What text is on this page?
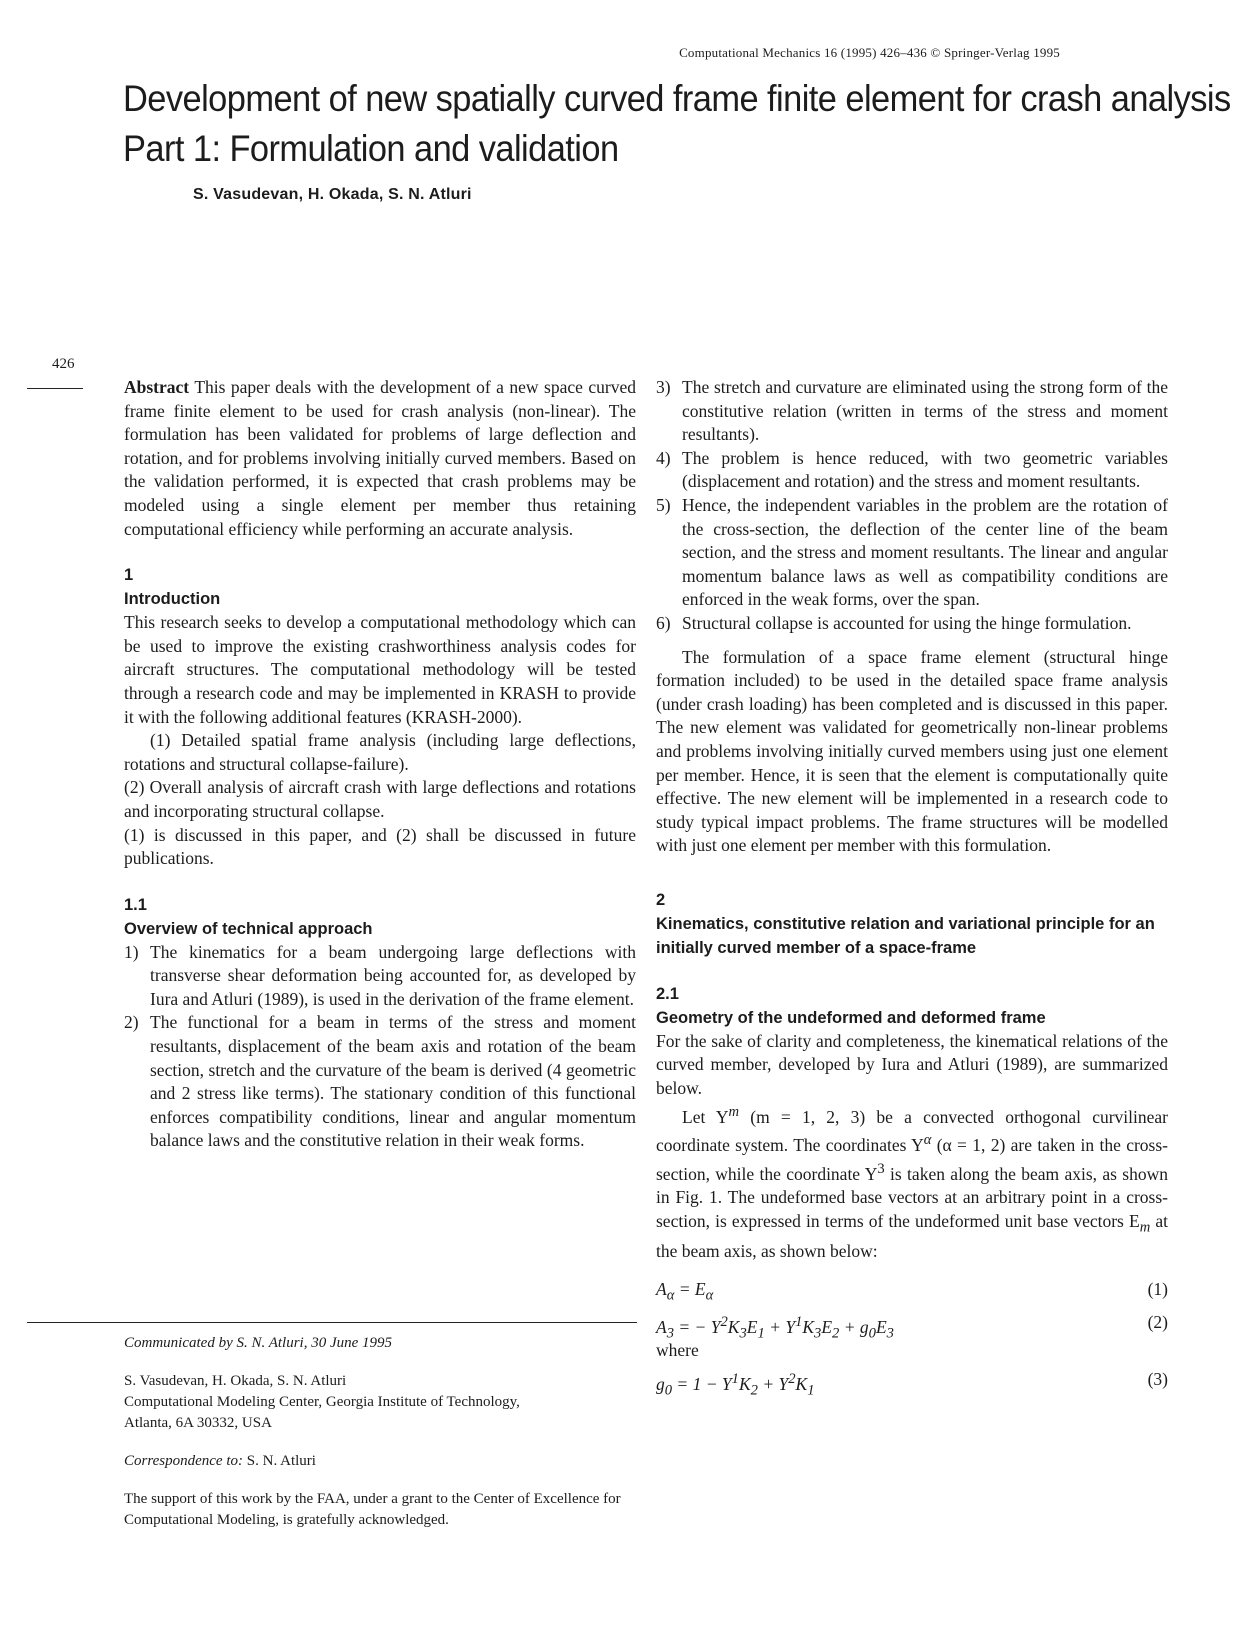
Computational Mechanics 16 (1995) 426–436 © Springer-Verlag 1995
Development of new spatially curved frame finite element for crash analysis
Part 1: Formulation and validation
S. Vasudevan, H. Okada, S. N. Atluri
426

Abstract This paper deals with the development of a new space curved frame finite element to be used for crash analysis (non-linear). The formulation has been validated for problems of large deflection and rotation, and for problems involving initially curved members. Based on the validation performed, it is expected that crash problems may be modeled using a single element per member thus retaining computational efficiency while performing an accurate analysis.

1
Introduction

This research seeks to develop a computational methodology which can be used to improve the existing crashworthiness analysis codes for aircraft structures. The computational methodology will be tested through a research code and may be implemented in KRASH to provide it with the following additional features (KRASH-2000).

(1) Detailed spatial frame analysis (including large deflections, rotations and structural collapse-failure).

(2) Overall analysis of aircraft crash with large deflections and rotations and incorporating structural collapse.

(1) is discussed in this paper, and (2) shall be discussed in future publications.

1.1
Overview of technical approach
1) The kinematics for a beam undergoing large deflections with transverse shear deformation being accounted for, as developed by Iura and Atluri (1989), is used in the derivation of the frame element.
2) The functional for a beam in terms of the stress and moment resultants, displacement of the beam axis and rotation of the beam section, stretch and the curvature of the beam is derived (4 geometric and 2 stress like terms). The stationary condition of this functional enforces compatibility conditions, linear and angular momentum balance laws and the constitutive relation in their weak forms.
3) The stretch and curvature are eliminated using the strong form of the constitutive relation (written in terms of the stress and moment resultants).
4) The problem is hence reduced, with two geometric variables (displacement and rotation) and the stress and moment resultants.
5) Hence, the independent variables in the problem are the rotation of the cross-section, the deflection of the center line of the beam section, and the stress and moment resultants. The linear and angular momentum balance laws as well as compatibility conditions are enforced in the weak forms, over the span.
6) Structural collapse is accounted for using the hinge formulation.

The formulation of a space frame element (structural hinge formation included) to be used in the detailed space frame analysis (under crash loading) has been completed and is discussed in this paper. The new element was validated for geometrically non-linear problems and problems involving initially curved members using just one element per member. Hence, it is seen that the element is computationally quite effective. The new element will be implemented in a research code to study typical impact problems. The frame structures will be modelled with just one element per member with this formulation.

2
Kinematics, constitutive relation and variational principle for an initially curved member of a space-frame
2.1
Geometry of the undeformed and deformed frame

For the sake of clarity and completeness, the kinematical relations of the curved member, developed by Iura and Atluri (1989), are summarized below.

Let $Y^m$ (m = 1, 2, 3) be a convected orthogonal curvilinear coordinate system. The coordinates $Y^\alpha$ (α = 1, 2) are taken in the cross-section, while the coordinate $Y^3$ is taken along the beam axis, as shown in Fig. 1. The undeformed base vectors at an arbitrary point in a cross-section, is expressed in terms of the undeformed unit base vectors $E_m$ at the beam axis, as shown below:

$A_\alpha = E_\alpha$	(1)
$A_3$ = − $Y^2K_3E_1 + Y^1K_3E_2 + g_0E_3$
(2)

where

$g_0 = 1 - Y^1K_2 + Y^2K_1$
(3)
Communicated by S. N. Atluri, 30 June 1995
S. Vasudevan, H. Okada, S. N. Atluri
Computational Modeling Center, Georgia Institute of Technology,
Atlanta, 6A 30332, USA
Correspondence to: S. N. Atluri
The support of this work by the FAA, under a grant to the Center of Excellence for Computational Modeling, is gratefully acknowledged.
